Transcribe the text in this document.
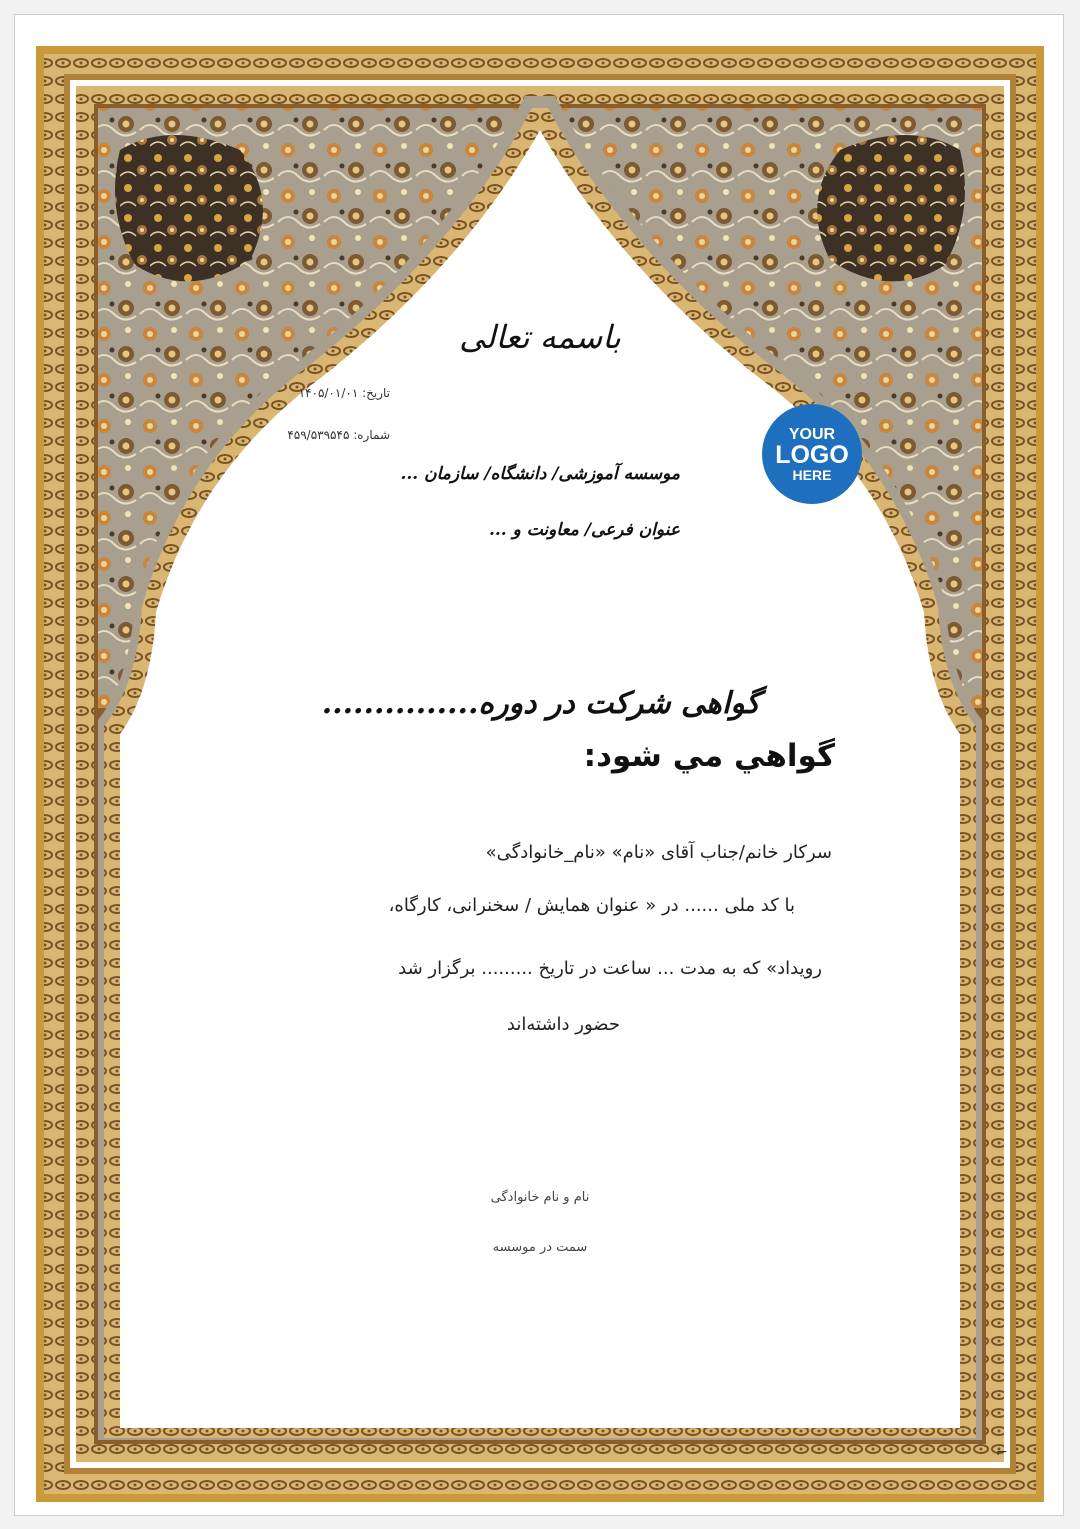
باسمه تعالی
تاریخ: ۱۴۰۵/۰۱/۰۱
شماره: ۴۵۹/۵۳۹۵۴۵	YOUR
LOGO
HERE
موسسه آموزشی/ دانشگاه/ سازمان ...
عنوان فرعی/ معاونت و ...
گواهی شرکت در دوره...............
گواهي مي شود:
سرکار خانم/جناب آقای «نام» «نام_خانوادگی»
با کد ملی ...... در « عنوان همایش / سخنرانی، کارگاه،
رویداد» که به مدت ... ساعت در تاریخ ......... برگزار شد
حضور داشته‌اند
نام و نام خانوادگی
سمت در موسسه
⌐
